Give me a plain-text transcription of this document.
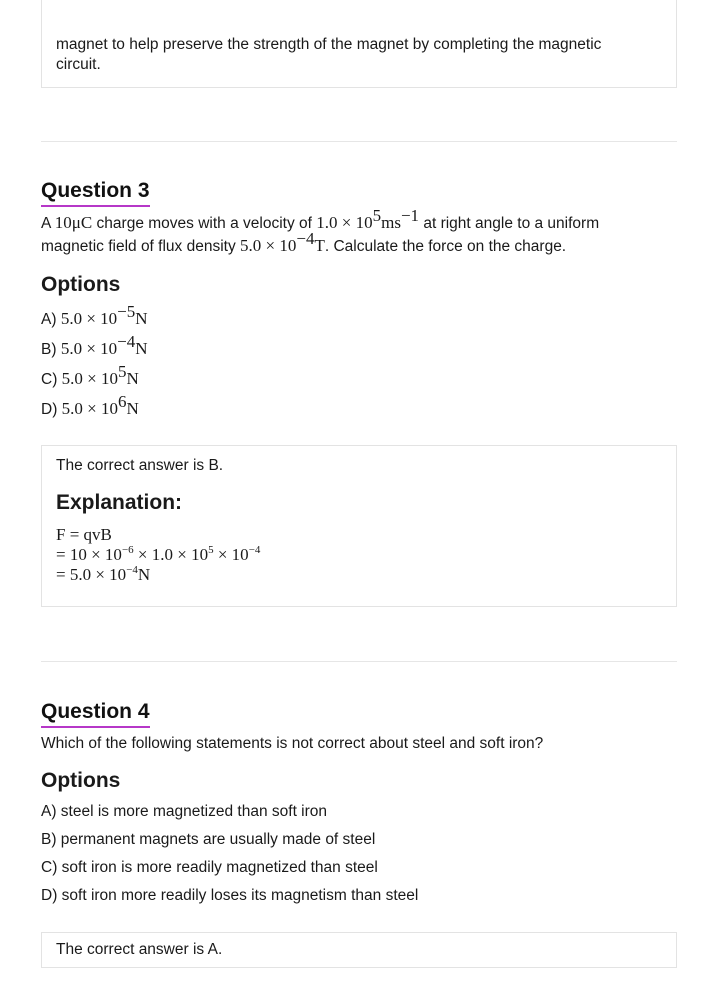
magnet to help preserve the strength of the magnet by completing the magnetic
circuit.
Question 3
A 10μC charge moves with a velocity of $1.0 \times 10^5ms^{-1}$ at right angle to a uniform
magnetic field of flux density $5.0 \times 10^{-4}T$. Calculate the force on the charge.
Options
A) $5.0 \times 10^{-5}N$
B) $5.0 \times 10^{-4}N$
C) $5.0 \times 10^5N$
D) $5.0 \times 10^6N$
The correct answer is B.
Explanation:
F = qvB
= $10 \times 10^{-6} \times 1.0 \times 10^5 \times 10^{-4}$
= $5.0 \times 10^{-4}N$
Question 4
Which of the following statements is not correct about steel and soft iron?
Options
A) steel is more magnetized than soft iron
B) permanent magnets are usually made of steel
C) soft iron is more readily magnetized than steel
D) soft iron more readily loses its magnetism than steel
The correct answer is A.
